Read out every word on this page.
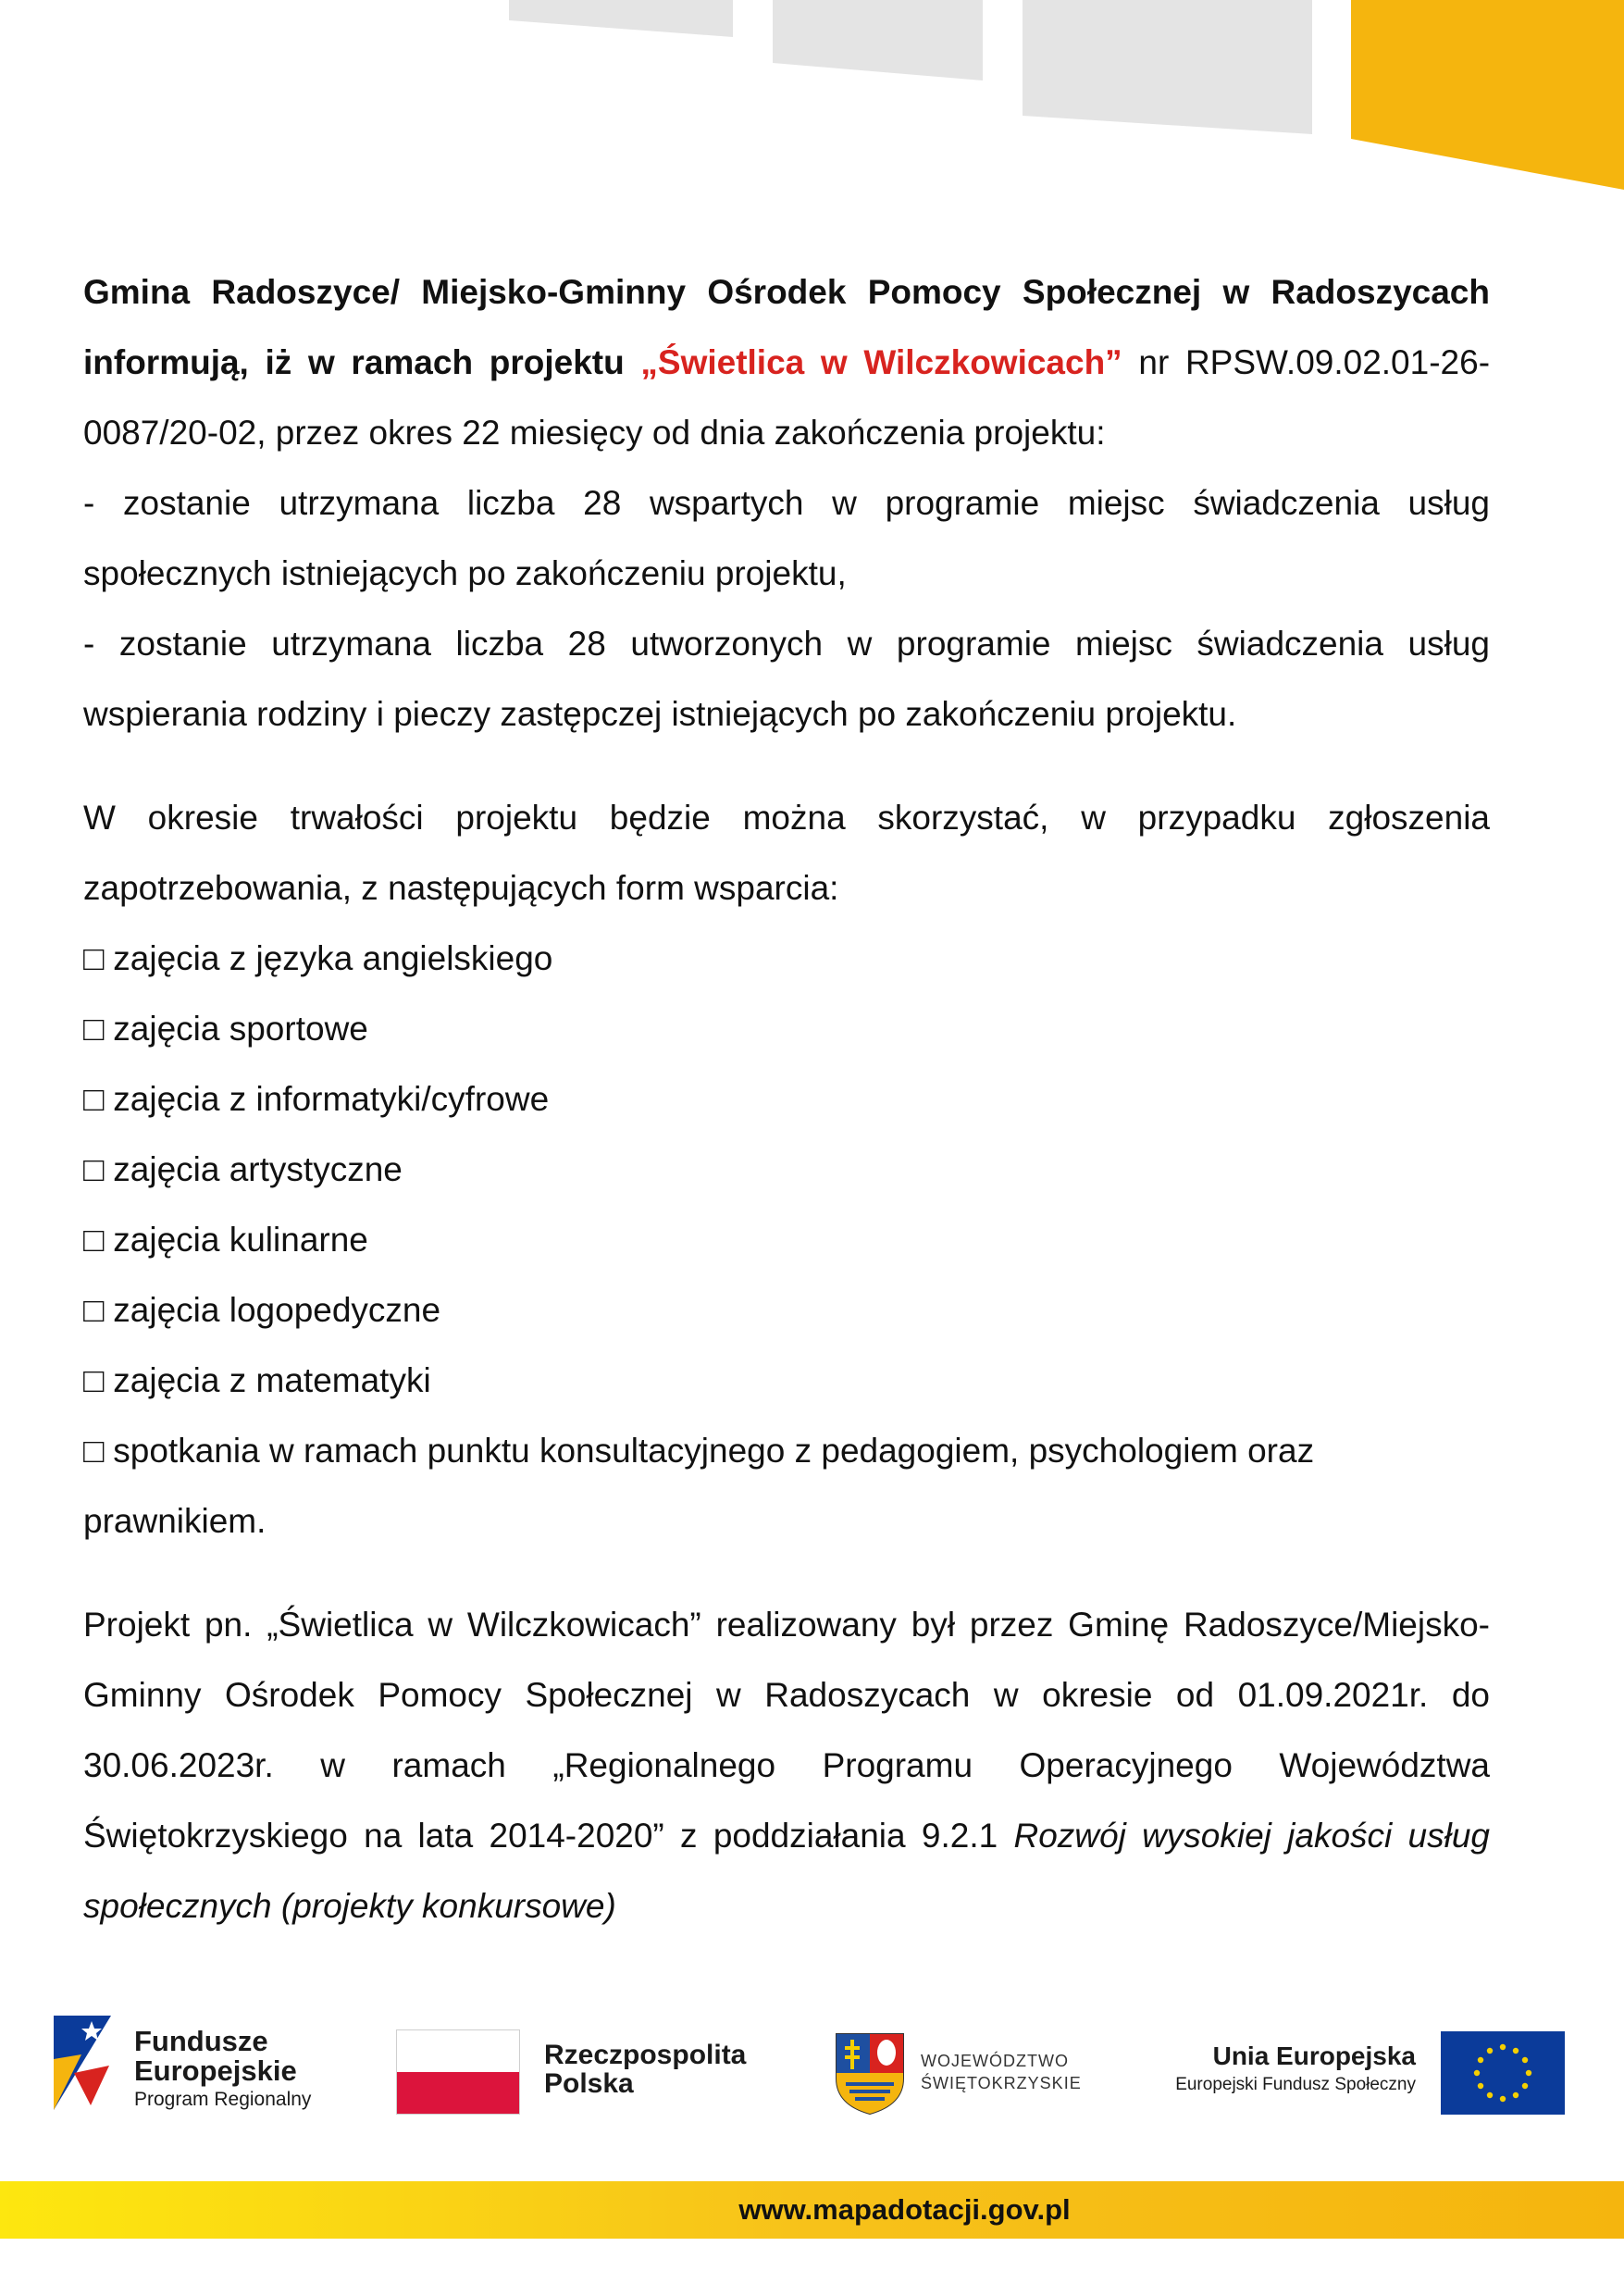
Gmina Radoszyce/ Miejsko-Gminny Ośrodek Pomocy Społecznej w Radoszycach informują, iż w ramach projektu „Świetlica w Wilczkowicach” nr RPSW.09.02.01-26-0087/20-02, przez okres 22 miesięcy od dnia zakończenia projektu:

- zostanie utrzymana liczba 28 wspartych w programie miejsc świadczenia usług społecznych istniejących po zakończeniu projektu,

- zostanie utrzymana liczba 28 utworzonych w programie miejsc świadczenia usług wspierania rodziny i pieczy zastępczej istniejących po zakończeniu projektu.

W okresie trwałości projektu będzie można skorzystać, w przypadku zgłoszenia zapotrzebowania, z następujących form wsparcia:

□ zajęcia z języka angielskiego

□ zajęcia sportowe

□ zajęcia z informatyki/cyfrowe

□ zajęcia artystyczne

□ zajęcia kulinarne

□ zajęcia logopedyczne

□ zajęcia z matematyki

□ spotkania w ramach punktu konsultacyjnego z pedagogiem, psychologiem oraz prawnikiem.

Projekt pn. „Świetlica w Wilczkowicach” realizowany był przez Gminę Radoszyce/Miejsko-Gminny Ośrodek Pomocy Społecznej w Radoszycach w okresie od 01.09.2021r. do 30.06.2023r. w ramach „Regionalnego Programu Operacyjnego Województwa Świętokrzyskiego na lata 2014-2020” z poddziałania 9.2.1 Rozwój wysokiej jakości usług społecznych (projekty konkursowe)

Fundusze
Europejskie
Program Regionalny
Rzeczpospolita
Polska
WOJEWÓDZTWO
ŚWIĘTOKRZYSKIE
Unia Europejska
Europejski Fundusz Społeczny
www.mapadotacji.gov.pl
